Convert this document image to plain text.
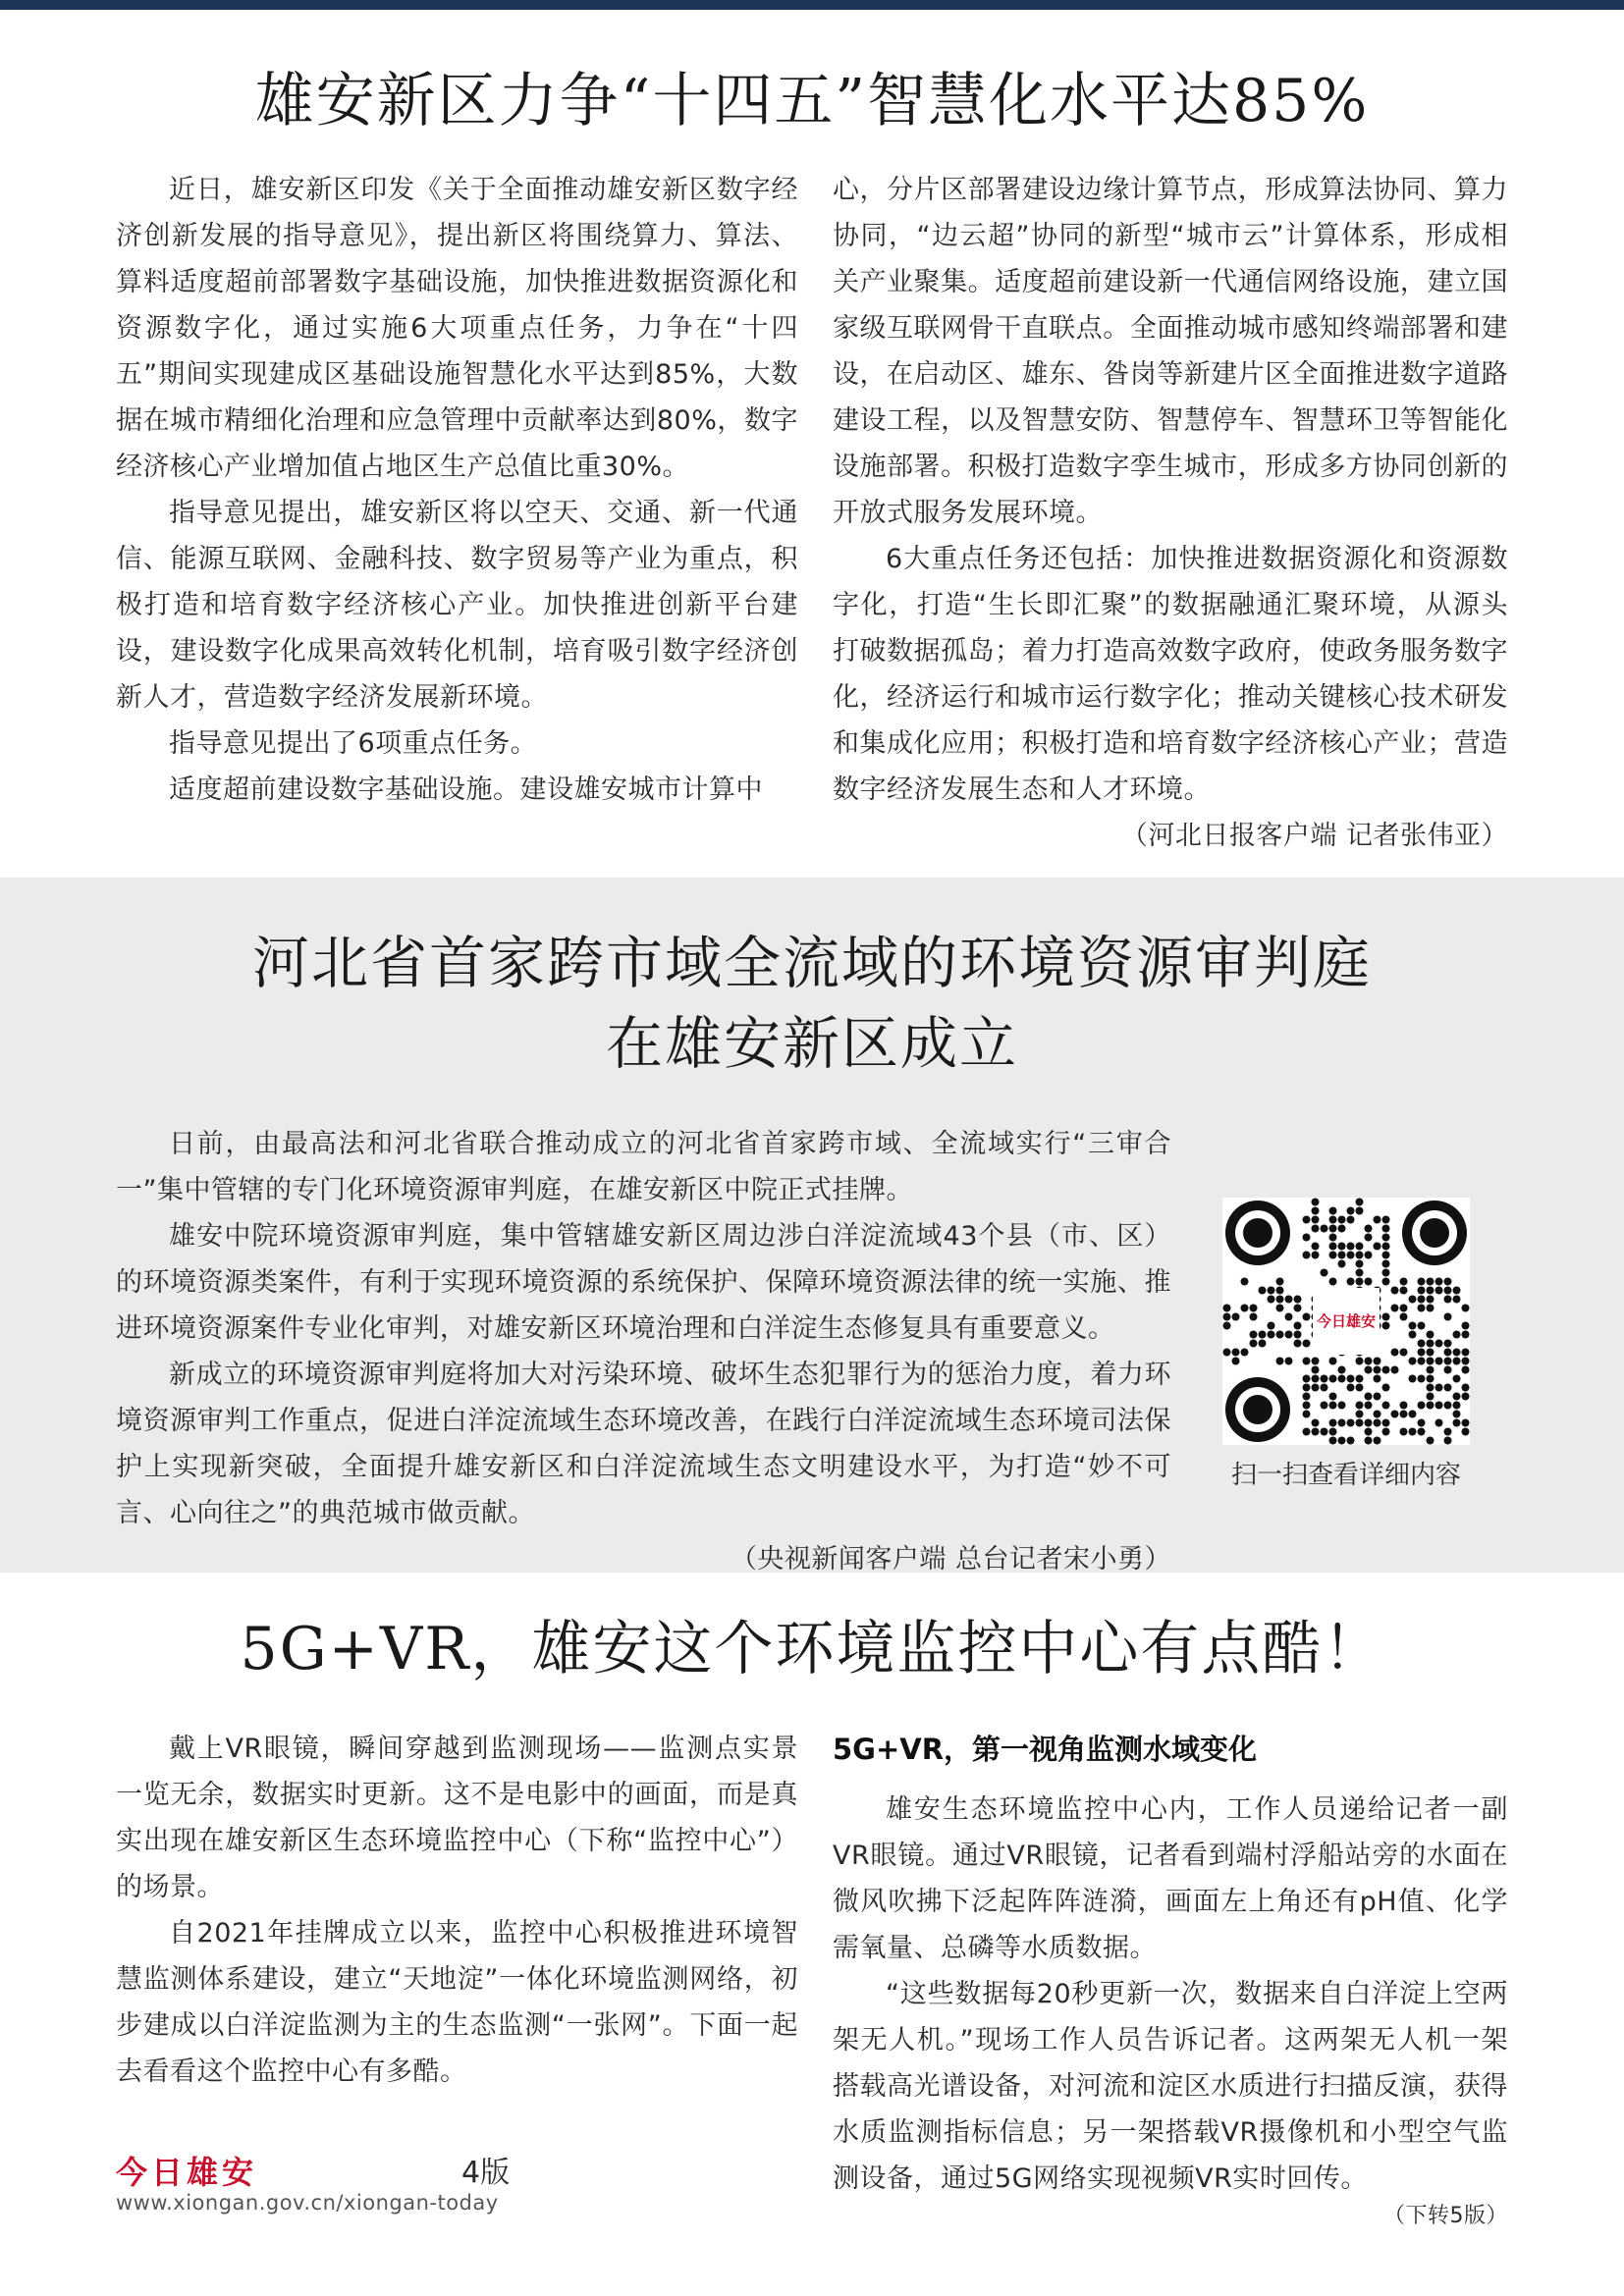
雄安新区力争“十四五”智慧化水平达85%

近日，雄安新区印发《关于全面推动雄安新区数字经济创新发展的指导意见》，提出新区将围绕算力、算法、算料适度超前部署数字基础设施，加快推进数据资源化和资源数字化，通过实施6大项重点任务，力争在“十四五”期间实现建成区基础设施智慧化水平达到85%，大数据在城市精细化治理和应急管理中贡献率达到80%，数字经济核心产业增加值占地区生产总值比重30%。

指导意见提出，雄安新区将以空天、交通、新一代通信、能源互联网、金融科技、数字贸易等产业为重点，积极打造和培育数字经济核心产业。加快推进创新平台建设，建设数字化成果高效转化机制，培育吸引数字经济创新人才，营造数字经济发展新环境。

指导意见提出了6项重点任务。

适度超前建设数字基础设施。建设雄安城市计算中

心，分片区部署建设边缘计算节点，形成算法协同、算力协同，“边云超”协同的新型“城市云”计算体系，形成相关产业聚集。适度超前建设新一代通信网络设施，建立国家级互联网骨干直联点。全面推动城市感知终端部署和建设，在启动区、雄东、昝岗等新建片区全面推进数字道路建设工程，以及智慧安防、智慧停车、智慧环卫等智能化设施部署。积极打造数字孪生城市，形成多方协同创新的开放式服务发展环境。

6大重点任务还包括：加快推进数据资源化和资源数字化，打造“生长即汇聚”的数据融通汇聚环境，从源头打破数据孤岛；着力打造高效数字政府，使政务服务数字化，经济运行和城市运行数字化；推动关键核心技术研发和集成化应用；积极打造和培育数字经济核心产业；营造数字经济发展生态和人才环境。

（河北日报客户端 记者张伟亚）

河北省首家跨市域全流域的环境资源审判庭
在雄安新区成立

日前，由最高法和河北省联合推动成立的河北省首家跨市域、全流域实行“三审合一”集中管辖的专门化环境资源审判庭，在雄安新区中院正式挂牌。

雄安中院环境资源审判庭，集中管辖雄安新区周边涉白洋淀流域43个县（市、区）的环境资源类案件，有利于实现环境资源的系统保护、保障环境资源法律的统一实施、推进环境资源案件专业化审判，对雄安新区环境治理和白洋淀生态修复具有重要意义。

新成立的环境资源审判庭将加大对污染环境、破坏生态犯罪行为的惩治力度，着力环境资源审判工作重点，促进白洋淀流域生态环境改善，在践行白洋淀流域生态环境司法保护上实现新突破，全面提升雄安新区和白洋淀流域生态文明建设水平，为打造“妙不可言、心向往之”的典范城市做贡献。

（央视新闻客户端 总台记者宋小勇）

今日雄安
扫一扫查看详细内容
5G+VR，雄安这个环境监控中心有点酷！

戴上VR眼镜，瞬间穿越到监测现场——监测点实景一览无余，数据实时更新。这不是电影中的画面，而是真实出现在雄安新区生态环境监控中心（下称“监控中心”）的场景。

自2021年挂牌成立以来，监控中心积极推进环境智慧监测体系建设，建立“天地淀”一体化环境监测网络，初步建成以白洋淀监测为主的生态监测“一张网”。下面一起去看看这个监控中心有多酷。

5G+VR，第一视角监测水域变化

雄安生态环境监控中心内，工作人员递给记者一副VR眼镜。通过VR眼镜，记者看到端村浮船站旁的水面在微风吹拂下泛起阵阵涟漪，画面左上角还有pH值、化学需氧量、总磷等水质数据。

“这些数据每20秒更新一次，数据来自白洋淀上空两架无人机。”现场工作人员告诉记者。这两架无人机一架搭载高光谱设备，对河流和淀区水质进行扫描反演，获得水质监测指标信息；另一架搭载VR摄像机和小型空气监测设备，通过5G网络实现视频VR实时回传。

（下转5版）

今日雄安	4版
www.xiongan.gov.cn/xiongan-today
